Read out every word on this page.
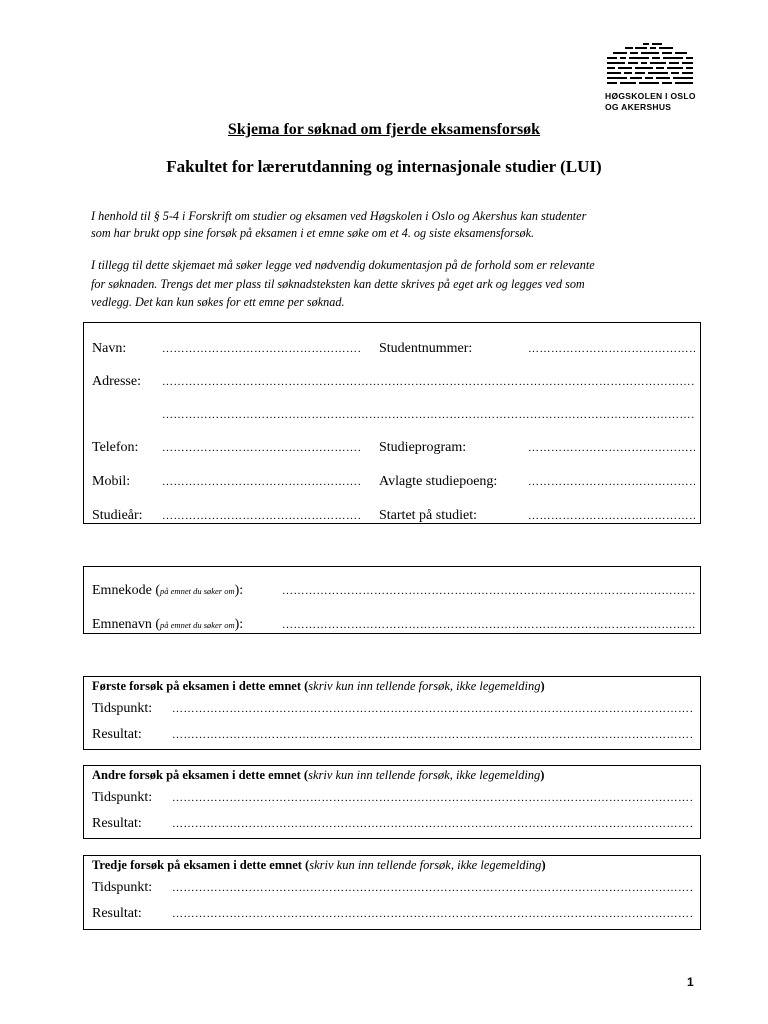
HØGSKOLEN I OSLO
OG AKERSHUS
Skjema for søknad om fjerde eksamensforsøk
Fakultet for lærerutdanning og internasjonale studier (LUI)
I henhold til § 5-4 i Forskrift om studier og eksamen ved Høgskolen i Oslo og Akershus kan studenter
som har brukt opp sine forsøk på eksamen i et emne søke om et 4. og siste eksamensforsøk.
I tillegg til dette skjemaet må søker legge ved nødvendig dokumentasjon på de forhold som er relevante
for søknaden. Trengs det mer plass til søknadsteksten kan dette skrives på eget ark og legges ved som
vedlegg. Det kan kun søkes for ett emne per søknad.
Navn: ……………………………………………………………………………………………………………………………………………………………………………………………………………………	Studentnummer:
……………………………………………………………………………………………………………………………………………………………………………………………………………………
Adresse:
……………………………………………………………………………………………………………………………………………………………………………………………………………………
……………………………………………………………………………………………………………………………………………………………………………………………………………………
Telefon: ……………………………………………………………………………………………………………………………………………………………………………………………………………………	Studieprogram:
……………………………………………………………………………………………………………………………………………………………………………………………………………………
Mobil: ……………………………………………………………………………………………………………………………………………………………………………………………………………………	Avlagte studiepoeng:
……………………………………………………………………………………………………………………………………………………………………………………………………………………
Studieår: ……………………………………………………………………………………………………………………………………………………………………………………………………………………	Startet på studiet:
……………………………………………………………………………………………………………………………………………………………………………………………………………………
Emnekode (på emnet du søker om):
……………………………………………………………………………………………………………………………………………………………………………………………………………………
Emnenavn (på emnet du søker om):
……………………………………………………………………………………………………………………………………………………………………………………………………………………
Første forsøk på eksamen i dette emnet (skriv kun inn tellende forsøk, ikke legemelding)
Tidspunkt:
……………………………………………………………………………………………………………………………………………………………………………………………………………………
Resultat:
……………………………………………………………………………………………………………………………………………………………………………………………………………………
Andre forsøk på eksamen i dette emnet (skriv kun inn tellende forsøk, ikke legemelding)
Tidspunkt:
……………………………………………………………………………………………………………………………………………………………………………………………………………………
Resultat:
……………………………………………………………………………………………………………………………………………………………………………………………………………………
Tredje forsøk på eksamen i dette emnet (skriv kun inn tellende forsøk, ikke legemelding)
Tidspunkt:
……………………………………………………………………………………………………………………………………………………………………………………………………………………
Resultat:
……………………………………………………………………………………………………………………………………………………………………………………………………………………
1
